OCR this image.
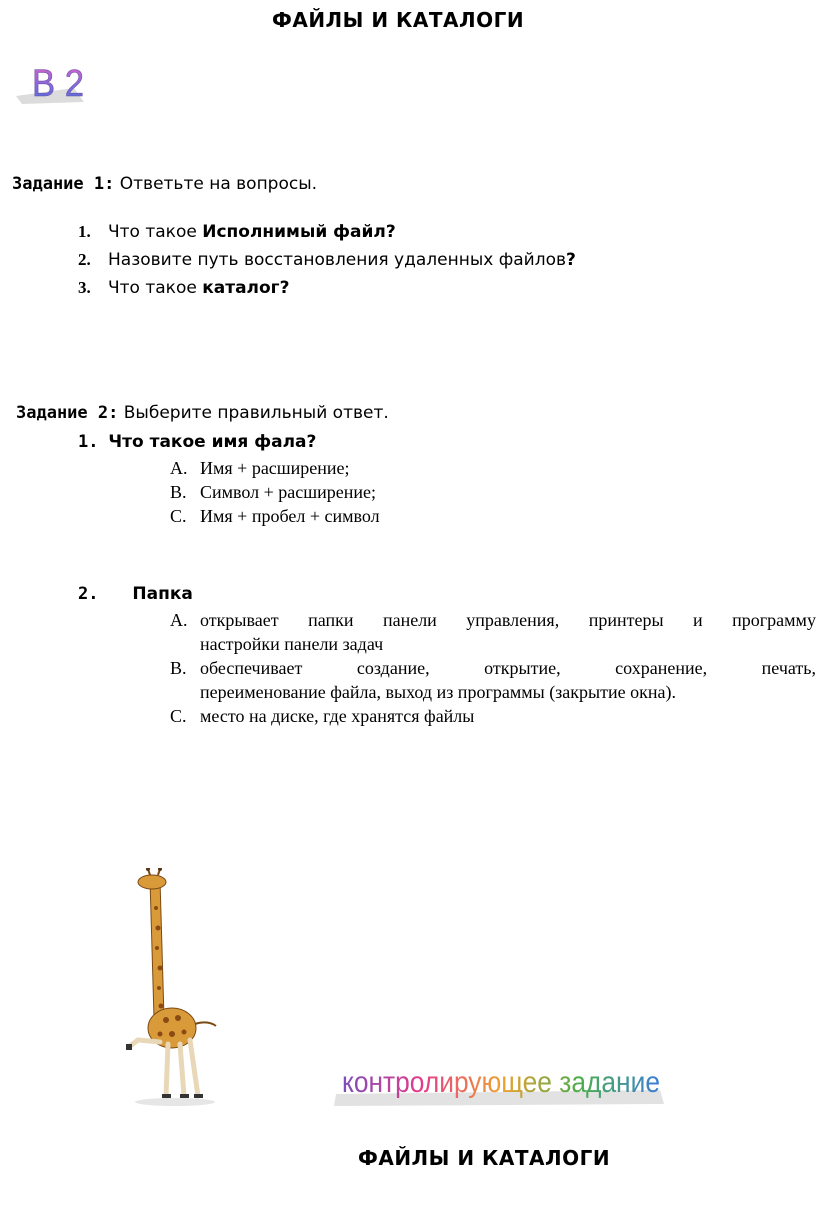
ФАЙЛЫ И КАТАЛОГИ
В 2
Задание 1: Ответьте на вопросы.
1. Что такое Исполнимый файл?
2. Назовите путь восстановления удаленных файлов?
3. Что такое каталог?
Задание 2: Выберите правильный ответ.
1. Что такое имя фала?
A. Имя + расширение;
B. Символ + расширение;
C. Имя + пробел + символ
2. Папка
A. открывает папки панели управления, принтеры и программу
настройки панели задач
B. обеспечивает	создание,	открытие,	сохранение,	печать,
переименование файла, выход из программы (закрытие окна).
C. место на диске, где хранятся файлы
контролирующее задание
ФАЙЛЫ И КАТАЛОГИ
